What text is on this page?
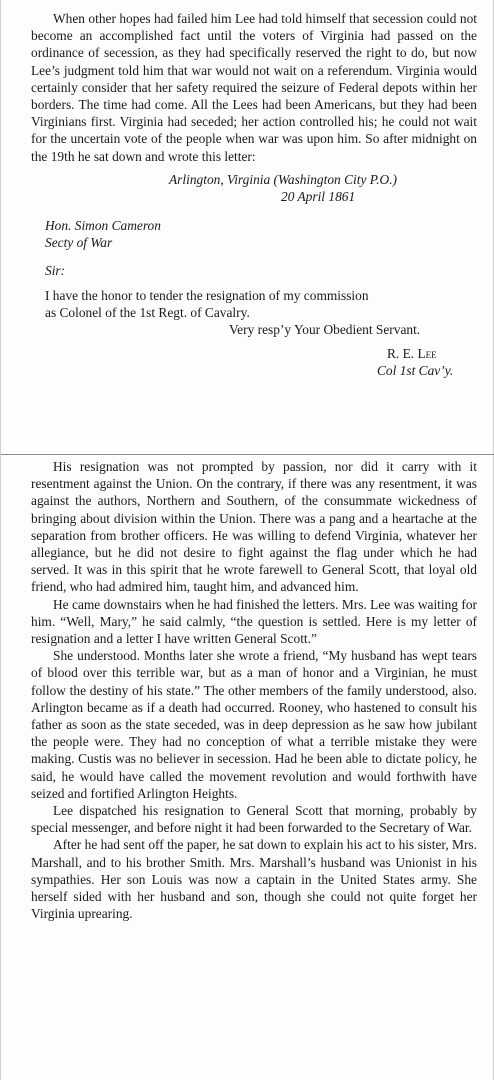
When other hopes had failed him Lee had told himself that secession could not become an accomplished fact until the voters of Virginia had passed on the ordinance of secession, as they had specifically reserved the right to do, but now Lee’s judgment told him that war would not wait on a referendum. Virginia would certainly consider that her safety required the seizure of Federal depots within her borders. The time had come. All the Lees had been Americans, but they had been Virginians first. Virginia had seceded; her action controlled his; he could not wait for the uncertain vote of the people when war was upon him. So after midnight on the 19th he sat down and wrote this letter:

Arlington, Virginia (Washington City P.O.)
20 April 1861
Hon. Simon Cameron
Secty of War
Sir:
I have the honor to tender the resignation of my commission
as Colonel of the 1st Regt. of Cavalry.
Very resp’y Your Obedient Servant.
R. E. Lee
Col 1st Cav’y.

His resignation was not prompted by passion, nor did it carry with it resentment against the Union. On the contrary, if there was any resentment, it was against the authors, Northern and Southern, of the consummate wickedness of bringing about division within the Union. There was a pang and a heartache at the separation from brother officers. He was willing to defend Virginia, whatever her allegiance, but he did not desire to fight against the flag under which he had served. It was in this spirit that he wrote farewell to General Scott, that loyal old friend, who had admired him, taught him, and advanced him.

He came downstairs when he had finished the letters. Mrs. Lee was waiting for him. “Well, Mary,” he said calmly, “the question is settled. Here is my letter of resignation and a letter I have written General Scott.”

She understood. Months later she wrote a friend, “My husband has wept tears of blood over this terrible war, but as a man of honor and a Virginian, he must follow the destiny of his state.” The other members of the family understood, also. Arlington became as if a death had occurred. Rooney, who hastened to consult his father as soon as the state seceded, was in deep depression as he saw how jubilant the people were. They had no conception of what a terrible mistake they were making. Custis was no believer in secession. Had he been able to dictate policy, he said, he would have called the movement revolution and would forthwith have seized and fortified Arlington Heights.

Lee dispatched his resignation to General Scott that morning, probably by special messenger, and before night it had been forwarded to the Secretary of War.

After he had sent off the paper, he sat down to explain his act to his sister, Mrs. Marshall, and to his brother Smith. Mrs. Marshall’s husband was Unionist in his sympathies. Her son Louis was now a captain in the United States army. She herself sided with her husband and son, though she could not quite forget her Virginia uprearing.
